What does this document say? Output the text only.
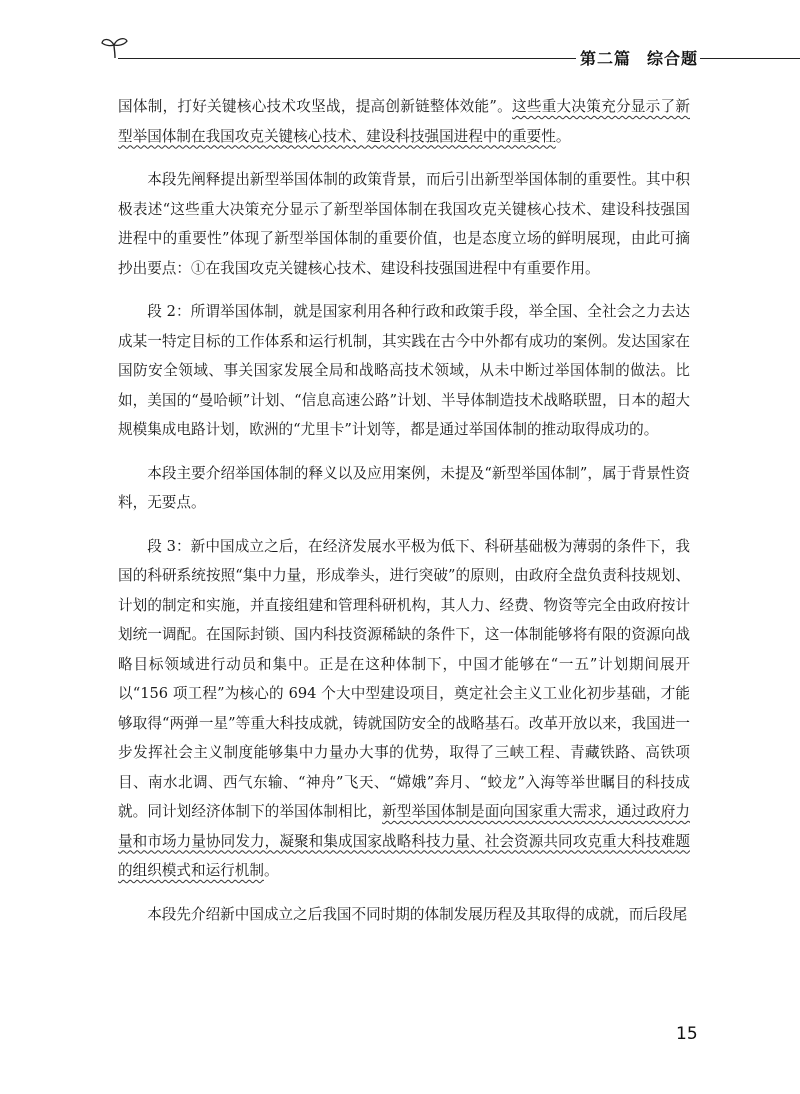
第二篇 综合题

国体制，打好关键核心技术攻坚战，提高创新链整体效能”。这些重大决策充分显示了新型举国体制在我国攻克关键核心技术、建设科技强国进程中的重要性。

本段先阐释提出新型举国体制的政策背景，而后引出新型举国体制的重要性。其中积极表述“这些重大决策充分显示了新型举国体制在我国攻克关键核心技术、建设科技强国进程中的重要性”体现了新型举国体制的重要价值，也是态度立场的鲜明展现，由此可摘抄出要点：①在我国攻克关键核心技术、建设科技强国进程中有重要作用。

段 2：所谓举国体制，就是国家利用各种行政和政策手段，举全国、全社会之力去达成某一特定目标的工作体系和运行机制，其实践在古今中外都有成功的案例。发达国家在国防安全领域、事关国家发展全局和战略高技术领域，从未中断过举国体制的做法。比如，美国的“曼哈顿”计划、“信息高速公路”计划、半导体制造技术战略联盟，日本的超大规模集成电路计划，欧洲的“尤里卡”计划等，都是通过举国体制的推动取得成功的。

本段主要介绍举国体制的释义以及应用案例，未提及“新型举国体制”，属于背景性资料，无要点。

段 3：新中国成立之后，在经济发展水平极为低下、科研基础极为薄弱的条件下，我国的科研系统按照“集中力量，形成拳头，进行突破”的原则，由政府全盘负责科技规划、计划的制定和实施，并直接组建和管理科研机构，其人力、经费、物资等完全由政府按计划统一调配。在国际封锁、国内科技资源稀缺的条件下，这一体制能够将有限的资源向战略目标领域进行动员和集中。正是在这种体制下，中国才能够在“一五”计划期间展开以“156 项工程”为核心的 694 个大中型建设项目，奠定社会主义工业化初步基础，才能够取得“两弹一星”等重大科技成就，铸就国防安全的战略基石。改革开放以来，我国进一步发挥社会主义制度能够集中力量办大事的优势，取得了三峡工程、青藏铁路、高铁项目、南水北调、西气东输、“神舟”飞天、“嫦娥”奔月、“蛟龙”入海等举世瞩目的科技成就。同计划经济体制下的举国体制相比，新型举国体制是面向国家重大需求，通过政府力量和市场力量协同发力，凝聚和集成国家战略科技力量、社会资源共同攻克重大科技难题的组织模式和运行机制。

本段先介绍新中国成立之后我国不同时期的体制发展历程及其取得的成就，而后段尾

15
